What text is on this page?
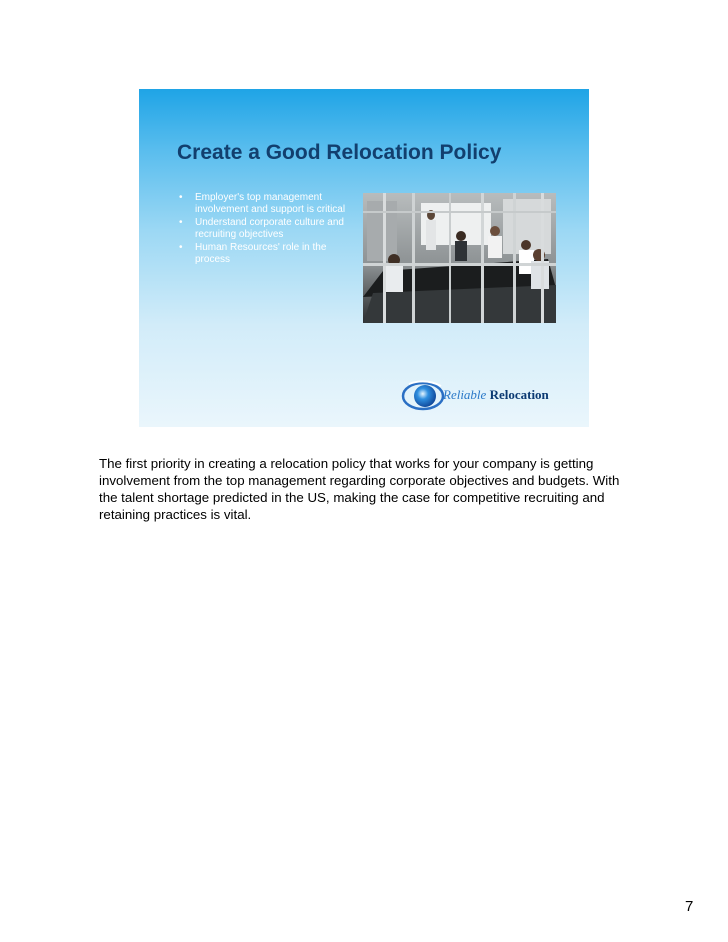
Create a Good Relocation Policy
• Employer's top management involvement and support is critical
• Understand corporate culture and recruiting objectives
• Human Resources' role in the process
Reliable Relocation

The first priority in creating a relocation policy that works for your company is getting involvement from the top management regarding corporate objectives and budgets. With the talent shortage predicted in the US, making the case for competitive recruiting and retaining practices is vital.

7
